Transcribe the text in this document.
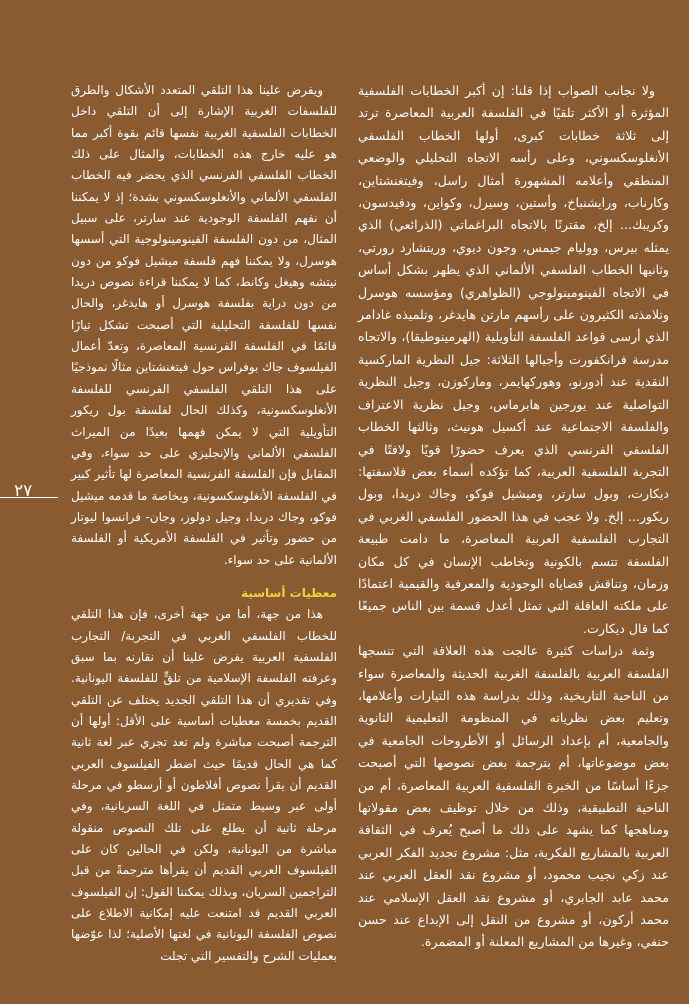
ولا نجانب الصواب إذا قلنا: إن أكبر الخطابات الفلسفية المؤثرة أو الأكثر تلقيًا في الفلسفة العربية المعاصرة ترتد إلى ثلاثة خطابات كبرى، أولها الخطاب الفلسفي الأنغلوسكسوني، وعلى رأسه الاتجاه التحليلي والوضعي المنطقي وأعلامه المشهورة أمثال راسل، وفيتغنشتاين، وكارناب، ورايشنباخ، وأستين، وسيرل، وكواين، ودفيدسون، وكريبك... إلخ، مقترنًا بالاتجاه البراغماتي (الذرائعي) الذي يمثله بيرس، ووليام جيمس، وجون ديوي، وريتشارد رورتي، وثانيها الخطاب الفلسفي الألماني الذي يظهر بشكل أساس في الاتجاه الفينومينولوجي (الظواهري) ومؤسسه هوسرل وتلامذته الكثيرون على رأسهم مارتن هايدغر، وتلميذه غادامر الذي أرسى قواعد الفلسفة التأويلية (الهرمينوطيقا)، والاتجاه مدرسة فرانكفورت وأجيالها الثلاثة: جيل النظرية الماركسية النقدية عند أدورنو، وهوركهايمر، وماركوزن، وجيل النظرية التواصلية عند يورجين هابرماس، وجيل نظرية الاعتراف والفلسفة الاجتماعية عند أكسيل هونيث، وثالثها الخطاب الفلسفي الفرنسي الذي يعرف حضورًا قويًا ولافتًا في التجربة الفلسفية العربية، كما تؤكده أسماء بعض فلاسفتها: ديكارت، وبول سارتر، وميشيل فوكو، وجاك دريدا، وبول ريكور... إلخ. ولا عجب في هذا الحضور الفلسفي الغربي في التجارب الفلسفية العربية المعاصرة، ما دامت طبيعة الفلسفة تتسم بالكونية وتخاطب الإنسان في كل مكان وزمان، وتناقش قضاياه الوجودية والمعرفية والقيمية اعتمادًا على ملكته العاقلة التي تمثل أعدل قسمة بين الناس جميعًا كما قال ديكارت.

وثمة دراسات كثيرة عالجت هذه العلاقة التي تنسجها الفلسفة العربية بالفلسفة الغربية الحديثة والمعاصرة سواء من الناحية التاريخية، وذلك بدراسة هذه التيارات وأعلامها، وتعليم بعض نظرياته في المنظومة التعليمية الثانوية والجامعية، أم بإعداد الرسائل أو الأطروحات الجامعية في بعض موضوعاتها، أم بترجمة بعض نصوصها التي أصبحت جزءًا أساسًا من الخبرة الفلسفية العربية المعاصرة، أم من الناحية التطبيقية، وذلك من خلال توظيف بعض مقولاتها ومناهجها كما يشهد على ذلك ما أصبح يُعرف في الثقافة العربية بالمشاريع الفكرية، مثل: مشروع تجديد الفكر العربي عند زكي نجيب محمود، أو مشروع نقد العقل العربي عند محمد عابد الجابري، أو مشروع نقد العقل الإسلامي عند محمد أركون، أو مشروع من النقل إلى الإبداع عند حسن حنفي، وغيرها من المشاريع المعلنة أو المضمرة.

ويفرض علينا هذا التلقي المتعدد الأشكال والطرق للفلسفات الغربية الإشارة إلى أن التلقي داخل الخطابات الفلسفية الغربية نفسها قائم بقوة أكبر مما هو عليه خارج هذه الخطابات، والمثال على ذلك الخطاب الفلسفي الفرنسي الذي يحضر فيه الخطاب الفلسفي الألماني والأنغلوسكسوني بشدة؛ إذ لا يمكننا أن نفهم الفلسفة الوجودية عند سارتر، على سبيل المثال، من دون الفلسفة الفينومينولوجية التي أسسها هوسرل، ولا يمكننا فهم فلسفة ميشيل فوكو من دون نيتشه وهيغل وكانط، كما لا يمكننا قراءة نصوص دريدا من دون دراية بفلسفة هوسرل أو هايدغر، والحال نفسها للفلسفة التحليلية التي أصبحت تشكل تيارًا قائمًا في الفلسفة الفرنسية المعاصرة، وتعدّ أعمال الفيلسوف جاك بوفراس حول فيتغنشتاين مثالًا نموذجيًا على هذا التلقي الفلسفي الفرنسي للفلسفة الأنغلوسكسونية، وكذلك الحال لفلسفة بول ريكور التأويلية التي لا يمكن فهمها بعيدًا من الميراث الفلسفي الألماني والإنجليزي على حد سواء، وفي المقابل فإن الفلسفة الفرنسية المعاصرة لها تأثير كبير في الفلسفة الأنغلوسكسونية، وبخاصة ما قدمه ميشيل فوكو، وجاك دريدا، وجيل دولوز، وجان- فرانسوا ليوتار من حضور وتأثير في الفلسفة الأمريكية أو الفلسفة الألمانية على حد سواء.

معطيات أساسية

هذا من جهة، أما من جهة أخرى، فإن هذا التلقي للخطاب الفلسفي الغربي في التجربة/ التجارب الفلسفية العربية يفرض علينا أن نقارنه بما سبق وعرفته الفلسفة الإسلامية من تلقٍّ للفلسفة اليونانية. وفي تقديري أن هذا التلقي الجديد يختلف عن التلقي القديم بخمسة معطيات أساسية على الأقل: أولها أن الترجمة أصبحت مباشرة ولم تعد تجري عبر لغة ثانية كما هي الحال قديمًا حيث اضطر الفيلسوف العربي القديم أن يقرأ نصوص أفلاطون أو أرسطو في مرحلة أولى عبر وسيط متمثل في اللغة السريانية، وفي مرحلة ثانية أن يطلع على تلك النصوص منقولة مباشرة من اليونانية، ولكن في الحالين كان على الفيلسوف العربي القديم أن يقرأها مترجمةً من قبل التراجمين السريان، وبذلك يمكننا القول: إن الفيلسوف العربي القديم قد امتنعت عليه إمكانية الاطلاع على نصوص الفلسفة اليونانية في لغتها الأصلية؛ لذا عوّضها بعمليات الشرح والتفسير التي تجلت

٢٧
